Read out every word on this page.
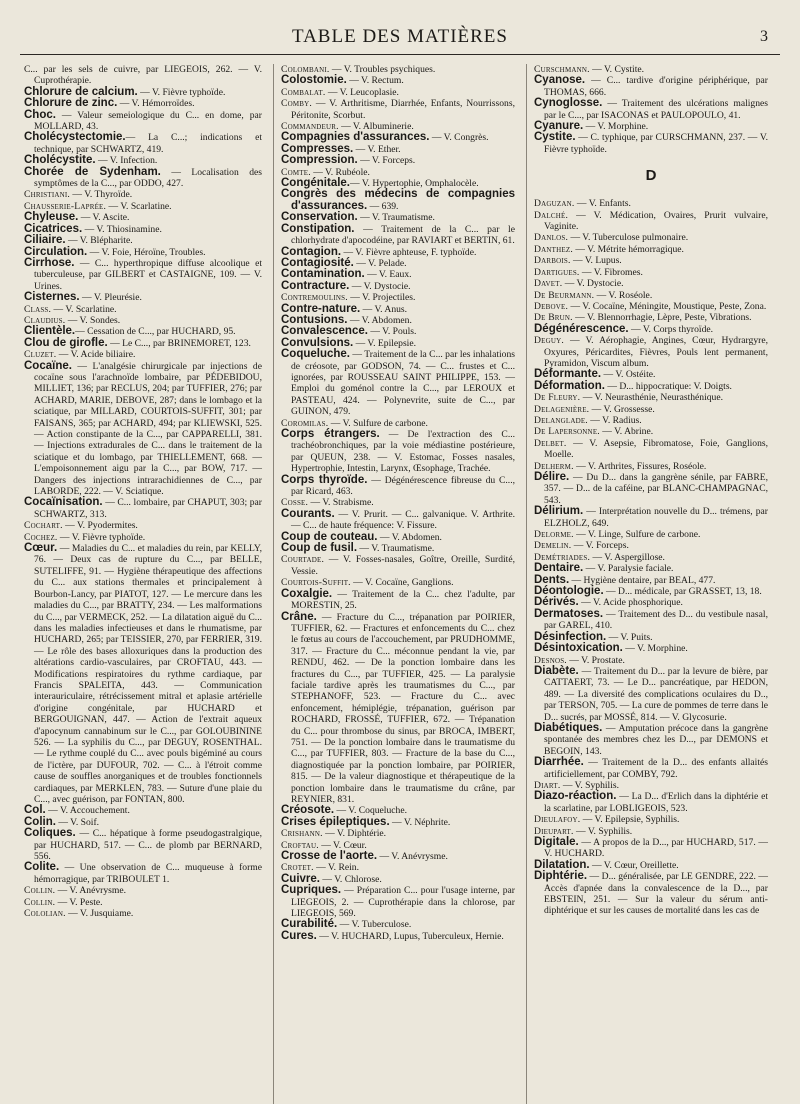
TABLE DES MATIÈRES	3

C... par les sels de cuivre, par LIEGEOIS, 262. — V. Cuprothérapie.

Chlorure de calcium. — V. Fièvre typhoïde.

Chlorure de zinc. — V. Hémorroïdes.

Choc. — Valeur semeiologique du C... en dome, par MOLLARD, 43.

Cholécystectomie.— La C...; indications et technique, par SCHWARTZ, 419.

Cholécystite. — V. Infection.

Chorée de Sydenham. — Localisation des symptômes de la C..., par ODDO, 427.

Christiani. — V. Thyroïde.

Chausserie-Laprée. — V. Scarlatine.

Chyleuse. — V. Ascite.

Cicatrices. — V. Thiosinamine.

Ciliaire. — V. Blépharite.

Circulation. — V. Foie, Héroïne, Troubles.

Cirrhose. — C... hyperthropique diffuse alcoolique et tuberculeuse, par GILBERT et CASTAIGNE, 109. — V. Urines.

Cisternes. — V. Pleurésie.

Class. — V. Scarlatine.

Claudius. — V. Sondes.

Clientèle.— Cessation de C..., par HUCHARD, 95.

Clou de girofle. — Le C..., par BRINEMORET, 123.

Cluzet. — V. Acide biliaire.

Cocaïne. — L'analgésie chirurgicale par injections de cocaïne sous l'arachnoïde lombaire, par PÉDEBIDOU, MILLIET, 136; par RECLUS, 204; par TUFFIER, 276; par ACHARD, MARIE, DEBOVE, 287; dans le lombago et la sciatique, par MILLARD, COURTOIS-SUFFIT, 301; par FAISANS, 365; par ACHARD, 494; par KLIEWSKI, 525. — Action constipante de la C..., par CAPPARELLI, 381. — Injections extradurales de C... dans le traitement de la sciatique et du lombago, par THIELLEMENT, 668. — L'empoisonnement aigu par la C..., par BOW, 717. — Dangers des injections intrarachidiennes de C..., par LABORDE, 222. — V. Sciatique.

Cocaïnisation. — C... lombaire, par CHAPUT, 303; par SCHWARTZ, 313.

Cochart. — V. Pyodermites.

Cochez. — V. Fièvre typhoïde.

Cœur. — Maladies du C... et maladies du rein, par KELLY, 76. — Deux cas de rupture du C..., par BELLE, SUTELIFFE, 91. — Hygiène thérapeutique des affections du C... aux stations thermales et principalement à Bourbon-Lancy, par PIATOT, 127. — Le mercure dans les maladies du C..., par BRATTY, 234. — Les malformations du C..., par VERMECK, 252. — La dilatation aiguë du C... dans les maladies infectieuses et dans le rhumatisme, par HUCHARD, 265; par TEISSIER, 270, par FERRIER, 319. — Le rôle des bases alloxuriques dans la production des altérations cardio-vasculaires, par CROFTAU, 443. — Modifications respiratoires du rythme cardiaque, par Francis SPALEITA, 443. — Communication interauriculaire, rétrécissement mitral et aplasie artérielle d'origine congénitale, par HUCHARD et BERGOUIGNAN, 447. — Action de l'extrait aqueux d'apocynum cannabinum sur le C..., par GOLOUBININE 526. — La syphilis du C..., par DEGUY, ROSENTHAL. — Le rythme couplé du C... avec pouls bigéminé au cours de l'ictère, par DUFOUR, 702. — C... à l'étroit comme cause de souffles anorganiques et de troubles fonctionnels cardiaques, par MERKLEN, 783. — Suture d'une plaie du C..., avec guérison, par FONTAN, 800.

Col. — V. Accouchement.

Colin. — V. Soif.

Coliques. — C... hépatique à forme pseudogastralgique, par HUCHARD, 517. — C... de plomb par BERNARD, 556.

Colite. — Une observation de C... muqueuse à forme hémorragique, par TRIBOULET 1.

Collin. — V. Anévrysme.

Collin. — V. Peste.

Cololian. — V. Jusquiame.

Colombani. — V. Troubles psychiques.

Colostomie. — V. Rectum.

Combalat. — V. Leucoplasie.

Comby. — V. Arthritisme, Diarrhée, Enfants, Nourrissons, Péritonite, Scorbut.

Commandeur. — V. Albuminerie.

Compagnies d'assurances. — V. Congrès.

Compresses. — V. Ether.

Compression. — V. Forceps.

Comte. — V. Rubéole.

Congénitale.— V. Hypertophie, Omphalocèle.

Congrès des médecins de compagnies d'assurances. — 639.

Conservation. — V. Traumatisme.

Constipation. — Traitement de la C... par le chlorhydrate d'apocodéine, par RAVIART et BERTIN, 61.

Contagion. — V. Fièvre aphteuse, F. typhoïde.

Contagiosité. — V. Pelade.

Contamination. — V. Eaux.

Contracture. — V. Dystocie.

Contremoulins. — V. Projectiles.

Contre-nature. — V. Anus.

Contusions. — V. Abdomen.

Convalescence. — V. Pouls.

Convulsions. — V. Epilepsie.

Coqueluche. — Traitement de la C... par les inhalations de créosote, par GODSON, 74. — C... frustes et C... ignorées, par ROUSSEAU SAINT PHILIPPE, 153. — Emploi du goménol contre la C..., par LEROUX et PASTEAU, 424. — Polynevrite, suite de C..., par GUINON, 479.

Coromilas. — V. Sulfure de carbone.

Corps étrangers. — De l'extraction des C... trachéobronchiques, par la voie médiastine postérieure, par QUEUN, 238. — V. Estomac, Fosses nasales, Hypertrophie, Intestin, Larynx, Œsophage, Trachée.

Corps thyroïde. — Dégénérescence fibreuse du C..., par Ricard, 463.

Cosse. — V. Strabisme.

Courants. — V. Prurit. — C... galvanique. V. Arthrite. — C... de haute fréquence: V. Fissure.

Coup de couteau. — V. Abdomen.

Coup de fusil. — V. Traumatisme.

Courtade. — V. Fosses-nasales, Goître, Oreille, Surdité, Vessie.

Courtois-Suffit. — V. Cocaïne, Ganglions.

Coxalgie. — Traitement de la C... chez l'adulte, par MORESTIN, 25.

Crâne. — Fracture du C..., trépanation par POIRIER, TUFFIER, 62. — Fractures et enfoncements du C... chez le fœtus au cours de l'accouchement, par PRUDHOMME, 317. — Fracture du C... méconnue pendant la vie, par RENDU, 462. — De la ponction lombaire dans les fractures du C..., par TUFFIER, 425. — La paralysie faciale tardive après les traumatismes du C..., par STEPHANOFF, 523. — Fracture du C... avec enfoncement, hémiplégie, trépanation, guérison par ROCHARD, FROSSÉ, TUFFIER, 672. — Trépanation du C... pour thrombose du sinus, par BROCA, IMBERT, 751. — De la ponction lombaire dans le traumatisme du C..., par TUFFIER, 803. — Fracture de la base du C..., diagnostiquée par la ponction lombaire, par POIRIER, 815. — De la valeur diagnostique et thérapeutique de la ponction lombaire dans le traumatisme du crâne, par REYNIER, 831.

Créosote. — V. Coqueluche.

Crises épileptiques. — V. Néphrite.

Crishann. — V. Diphtérie.

Croftau. — V. Cœur.

Crosse de l'aorte. — V. Anévrysme.

Crotet. — V. Rein.

Cuivre. — V. Chlorose.

Cupriques. — Préparation C... pour l'usage interne, par LIEGEOIS, 2. — Cuprothérapie dans la chlorose, par LIEGEOIS, 569.

Curabilité. — V. Tuberculose.

Cures. — V. HUCHARD, Lupus, Tuberculeux, Hernie.

Curschmann. — V. Cystite.

Cyanose. — C... tardive d'origine périphérique, par THOMAS, 666.

Cynoglosse. — Traitement des ulcérations malignes par le C..., par ISACONAS et PAULOPOULO, 41.

Cyanure. — V. Morphine.

Cystite. — C. typhique, par CURSCHMANN, 237. — V. Fièvre typhoïde.

D

Daguzan. — V. Enfants.

Dalché. — V. Médication, Ovaires, Prurit vulvaire, Vaginite.

Danlos. — V. Tuberculose pulmonaire.

Danthez. — V. Métrite hémorragique.

Darbois. — V. Lupus.

Dartigues. — V. Fibromes.

Davet. — V. Dystocie.

De Beurmann. — V. Roséole.

Debove. — V. Cocaïne, Méningite, Moustique, Peste, Zona.

De Brun. — V. Blennorrhagie, Lèpre, Peste, Vibrations.

Dégénérescence. — V. Corps thyroïde.

Deguy. — V. Aérophagie, Angines, Cœur, Hydrargyre, Oxyures, Péricardites, Fièvres, Pouls lent permanent, Pyramidon, Viscum album.

Déformante. — V. Ostéite.

Déformation. — D... hippocratique: V. Doigts.

De Fleury. — V. Neurasthénie, Neurasthénique.

Delagenière. — V. Grossesse.

Delanglade. — V. Radius.

De Lapersonne. — V. Abrine.

Delbet. — V. Asepsie, Fibromatose, Foie, Ganglions, Moelle.

Delherm. — V. Arthrites, Fissures, Roséole.

Délire. — Du D... dans la gangrène sénile, par FABRE, 357. — D... de la caféine, par BLANC-CHAMPAGNAC, 543.

Délirium. — Interprétation nouvelle du D... trémens, par ELZHOLZ, 649.

Delorme. — V. Linge, Sulfure de carbone.

Demelin. — V. Forceps.

Demétriades. — V. Aspergillose.

Dentaire. — V. Paralysie faciale.

Dents. — Hygiène dentaire, par BEAL, 477.

Déontologie. — D... médicale, par GRASSET, 13, 18.

Dérivés. — V. Acide phosphorique.

Dermatoses. — Traitement des D... du vestibule nasal, par GAREL, 410.

Désinfection. — V. Puits.

Désintoxication. — V. Morphine.

Desnos. — V. Prostate.

Diabète. — Traitement du D... par la levure de bière, par CATTAERT, 73. — Le D... pancréatique, par HEDON, 489. — La diversité des complications oculaires du D.., par TERSON, 705. — La cure de pommes de terre dans le D... sucrés, par MOSSÉ, 814. — V. Glycosurie.

Diabétiques. — Amputation précoce dans la gangrène spontanée des membres chez les D..., par DEMONS et BEGOIN, 143.

Diarrhée. — Traitement de la D... des enfants allaités artificiellement, par COMBY, 792.

Diart. — V. Syphilis.

Diazo-réaction. — La D... d'Erlich dans la diphtérie et la scarlatine, par LOBLIGEOIS, 523.

Dieulafoy. — V. Epilepsie, Syphilis.

Dieupart. — V. Syphilis.

Digitale. — A propos de la D..., par HUCHARD, 517. — V. HUCHARD.

Dilatation. — V. Cœur, Oreillette.

Diphtérie. — D... généralisée, par LE GENDRE, 222. — Accès d'apnée dans la convalescence de la D..., par EBSTEIN, 251. — Sur la valeur du sérum anti-diphtérique et sur les causes de mortalité dans les cas de
